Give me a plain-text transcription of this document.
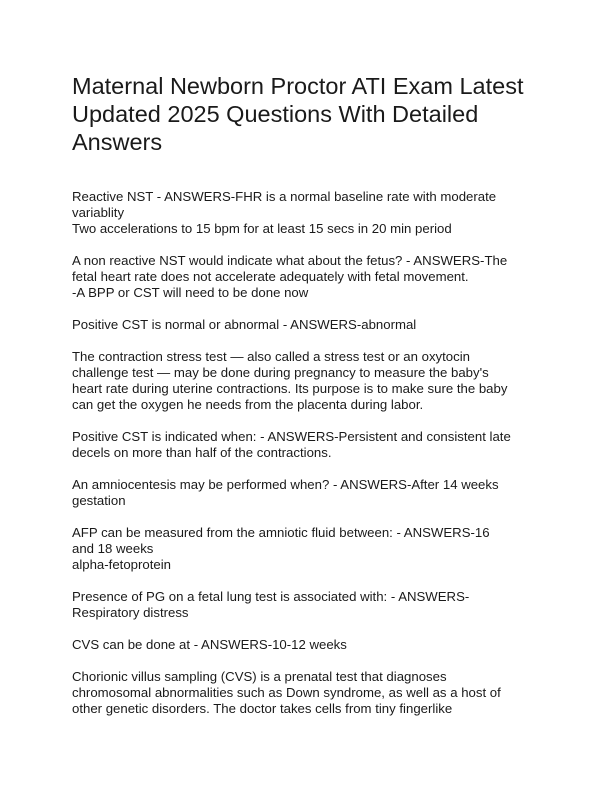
Maternal Newborn Proctor ATI Exam Latest
Updated 2025 Questions With Detailed
Answers
Reactive NST - ANSWERS-FHR is a normal baseline rate with moderate
variablity
Two accelerations to 15 bpm for at least 15 secs in 20 min period
A non reactive NST would indicate what about the fetus? - ANSWERS-The
fetal heart rate does not accelerate adequately with fetal movement.
-A BPP or CST will need to be done now
Positive CST is normal or abnormal - ANSWERS-abnormal
The contraction stress test — also called a stress test or an oxytocin
challenge test — may be done during pregnancy to measure the baby's
heart rate during uterine contractions. Its purpose is to make sure the baby
can get the oxygen he needs from the placenta during labor.
Positive CST is indicated when: - ANSWERS-Persistent and consistent late
decels on more than half of the contractions.
An amniocentesis may be performed when? - ANSWERS-After 14 weeks
gestation
AFP can be measured from the amniotic fluid between: - ANSWERS-16
and 18 weeks
alpha-fetoprotein
Presence of PG on a fetal lung test is associated with: - ANSWERS-
Respiratory distress
CVS can be done at - ANSWERS-10-12 weeks
Chorionic villus sampling (CVS) is a prenatal test that diagnoses
chromosomal abnormalities such as Down syndrome, as well as a host of
other genetic disorders. The doctor takes cells from tiny fingerlike
